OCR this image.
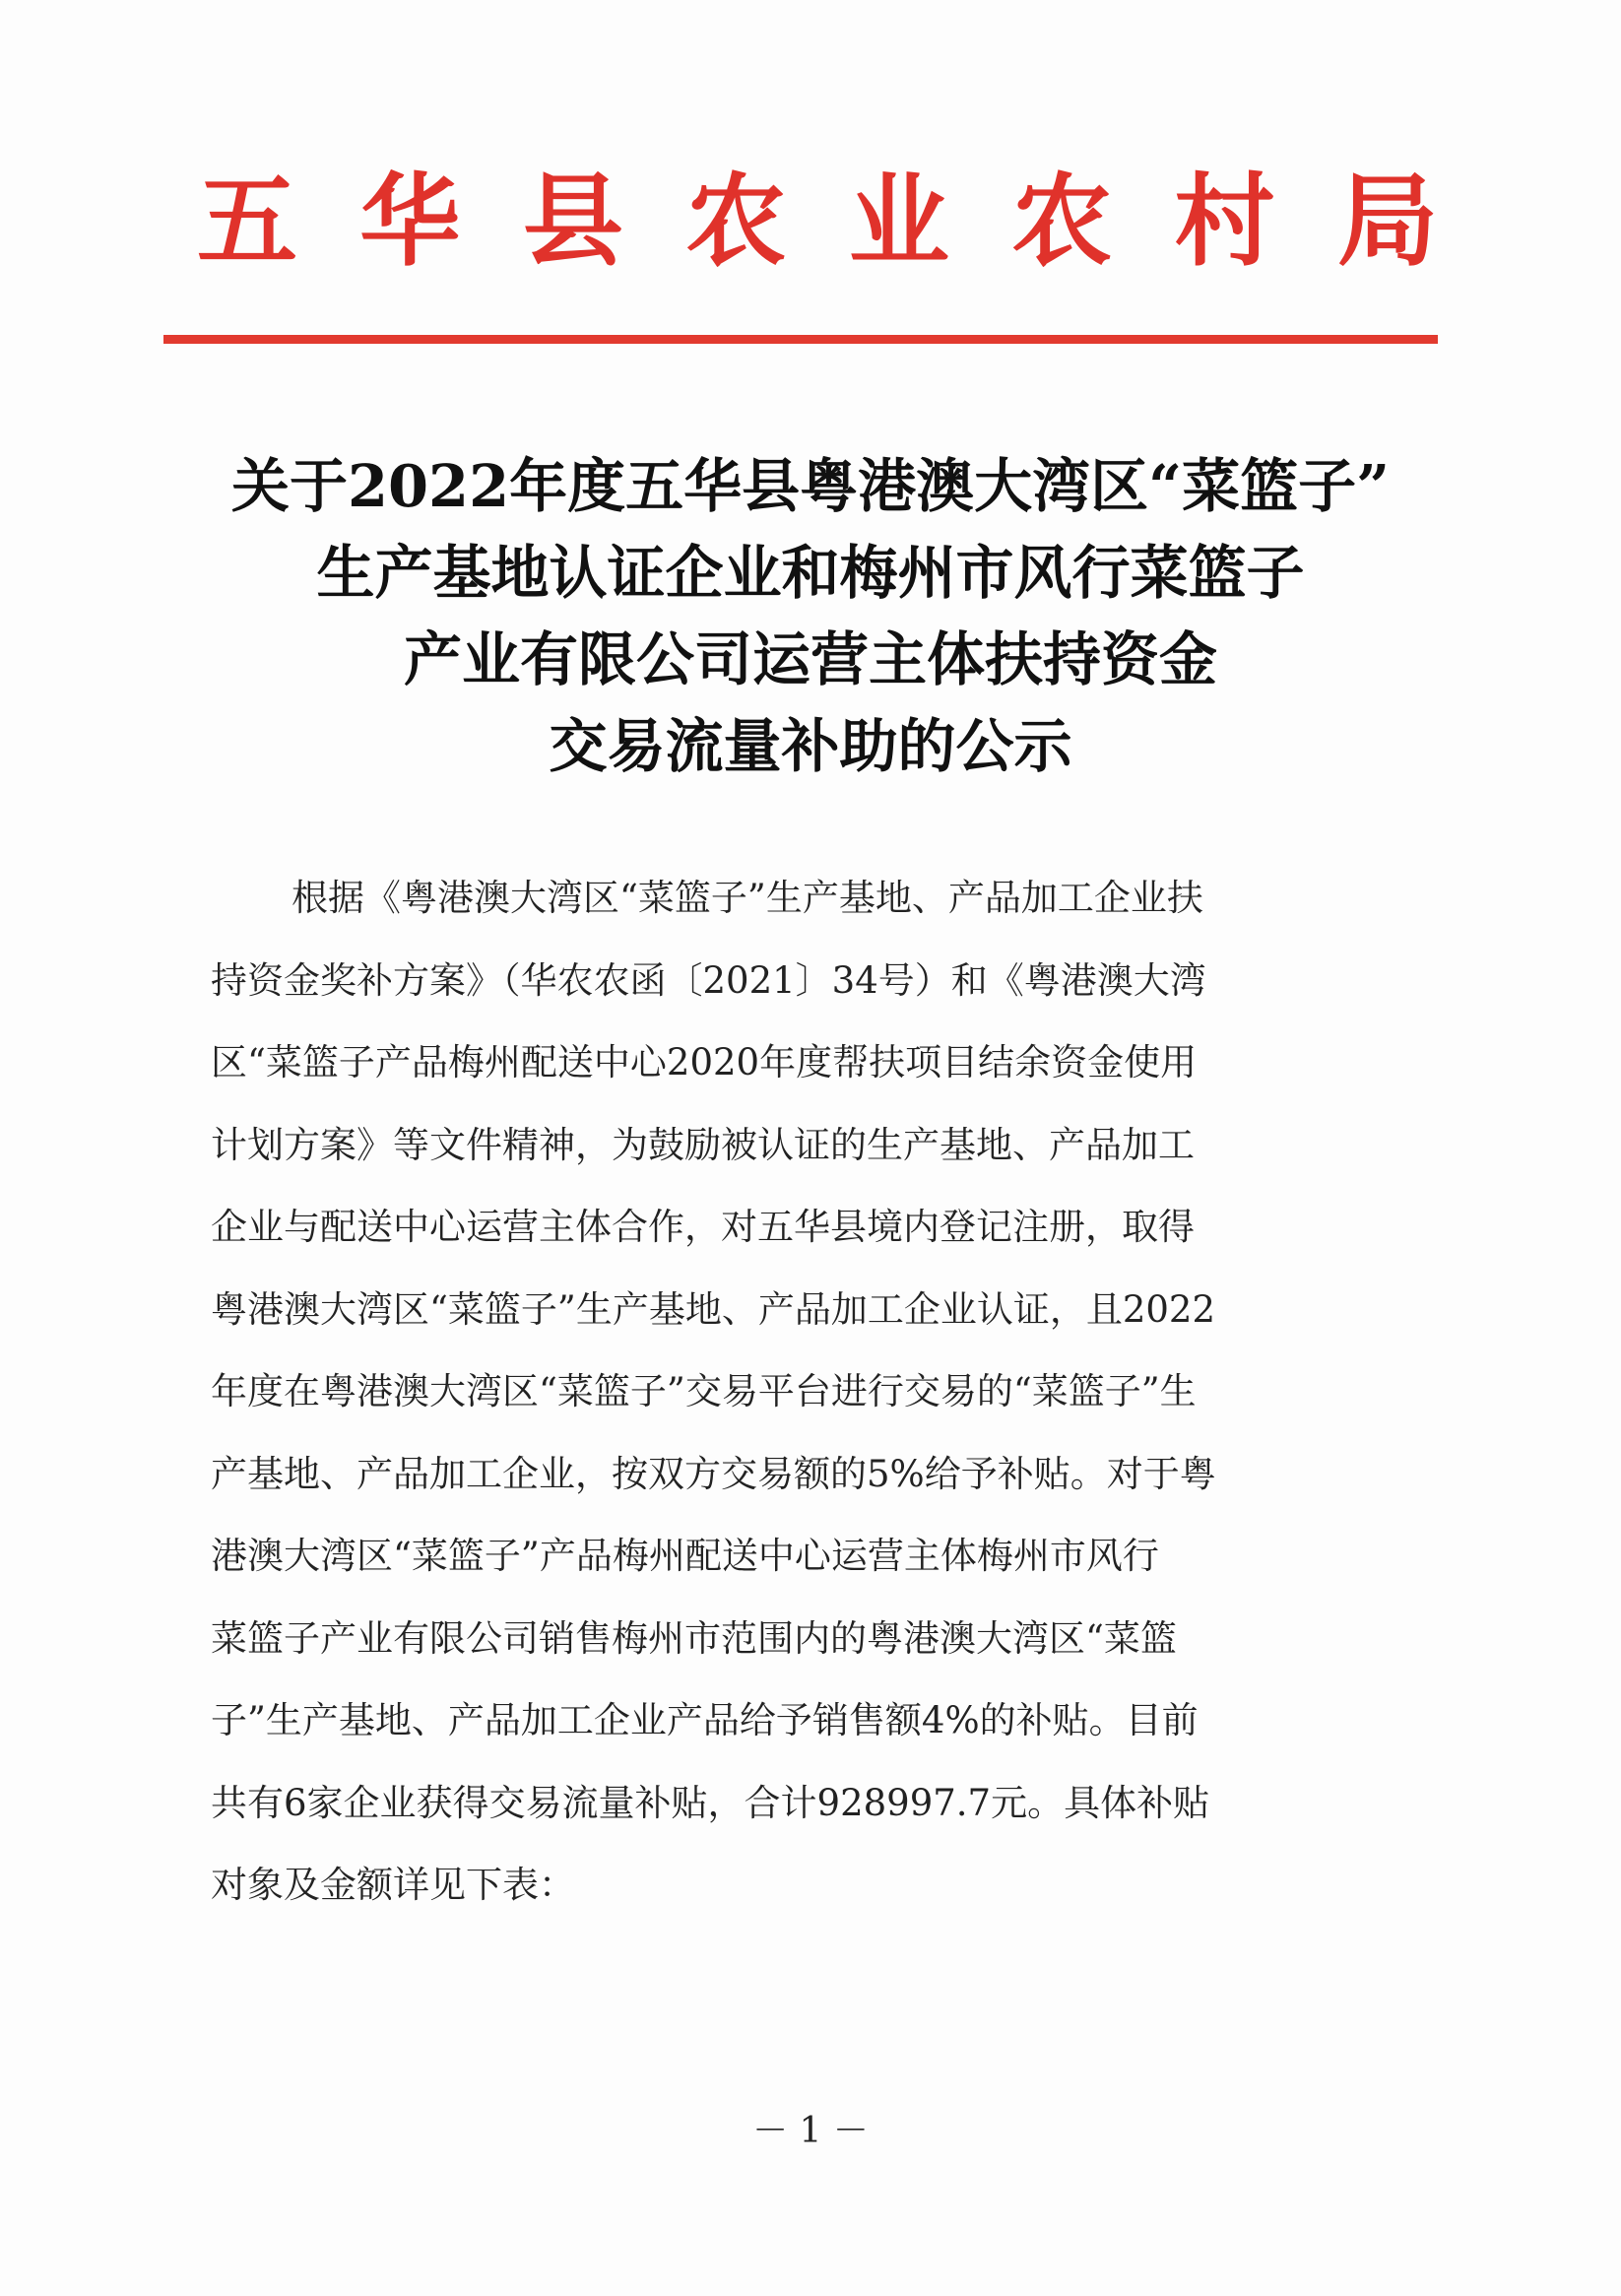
五 华 县 农 业 农 村 局
关于2022年度五华县粤港澳大湾区“菜篮子”
生产基地认证企业和梅州市风行菜篮子
产业有限公司运营主体扶持资金
交易流量补助的公示
根据《粤港澳大湾区“菜篮子”生产基地、产品加工企业扶
持资金奖补方案》（华农农函〔2021〕34号）和《粤港澳大湾
区“菜篮子产品梅州配送中心2020年度帮扶项目结余资金使用
计划方案》等文件精神，为鼓励被认证的生产基地、产品加工
企业与配送中心运营主体合作，对五华县境内登记注册，取得
粤港澳大湾区“菜篮子”生产基地、产品加工企业认证，且2022
年度在粤港澳大湾区“菜篮子”交易平台进行交易的“菜篮子”生
产基地、产品加工企业，按双方交易额的5%给予补贴。对于粤
港澳大湾区“菜篮子”产品梅州配送中心运营主体梅州市风行
菜篮子产业有限公司销售梅州市范围内的粤港澳大湾区“菜篮
子”生产基地、产品加工企业产品给予销售额4%的补贴。目前
共有6家企业获得交易流量补贴，合计928997.7元。具体补贴
对象及金额详见下表：
－ 1 －
